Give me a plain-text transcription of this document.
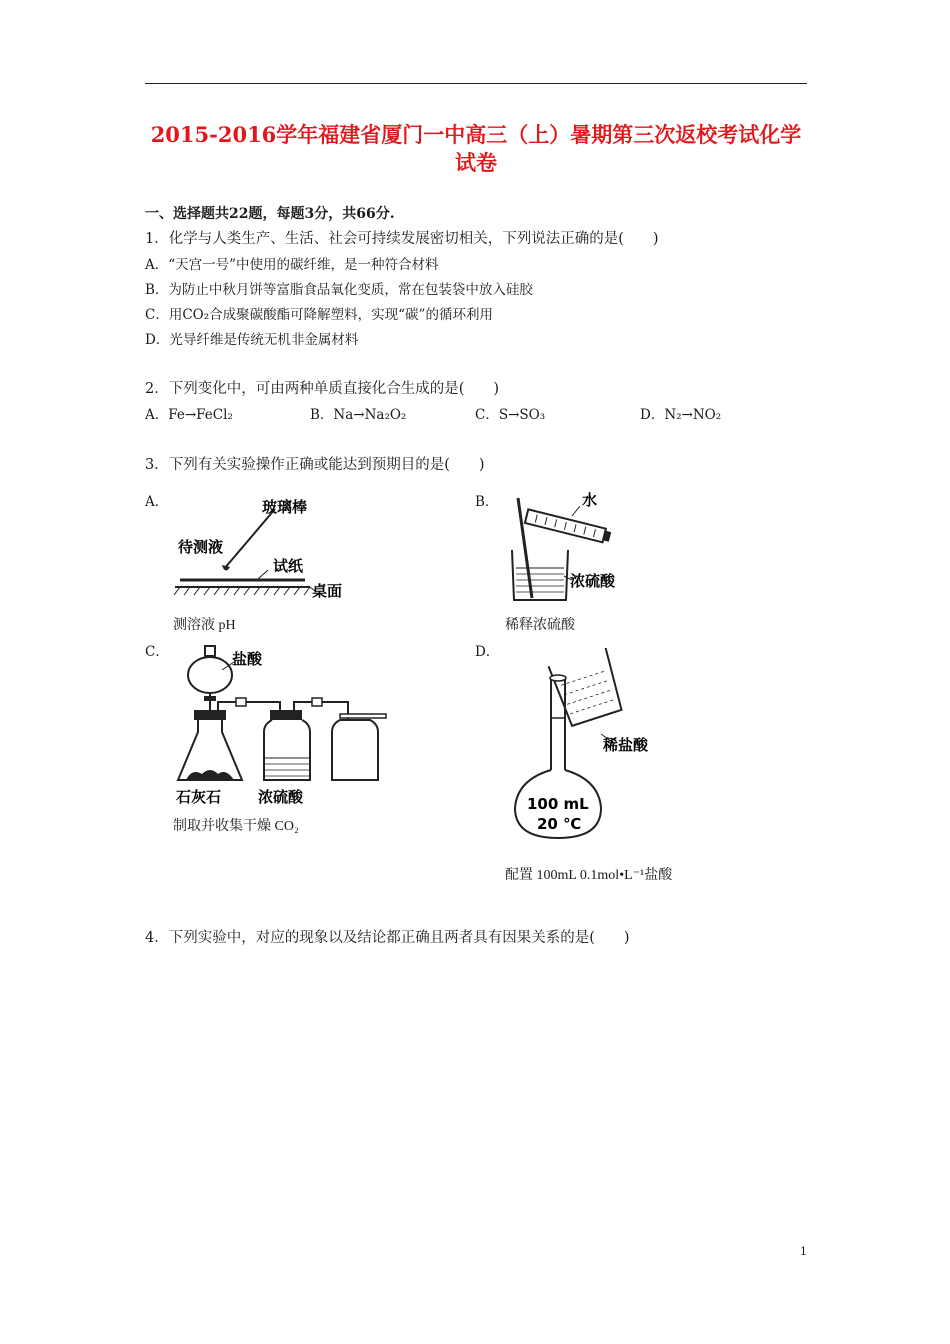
2015-2016学年福建省厦门一中高三（上）暑期第三次返校考试化学
试卷
一、选择题共22题，每题3分，共66分.
1．化学与人类生产、生活、社会可持续发展密切相关，下列说法正确的是(　　)
A．“天宫一号”中使用的碳纤维，是一种符合材料
B．为防止中秋月饼等富脂食品氧化变质，常在包装袋中放入硅胶
C．用CO₂合成聚碳酸酯可降解塑料，实现“碳”的循环利用
D．光导纤维是传统无机非金属材料
2．下列变化中，可由两种单质直接化合生成的是(　　)
A．Fe→FeCl₂	B．Na→Na₂O₂	C．S→SO₃	D．N₂→NO₂
3．下列有关实验操作正确或能达到预期目的是(　　)
A．	玻璃棒
待测液
试纸
桌面
测溶液 pH
B．	水
浓硫酸
稀释浓硫酸
C．	盐酸
石灰石 浓硫酸
制取并收集干燥 CO₂
D．
稀盐酸
100 mL
20 ℃
配置 100mL 0.1mol•L⁻¹盐酸
4．下列实验中，对应的现象以及结论都正确且两者具有因果关系的是(　　)
1
